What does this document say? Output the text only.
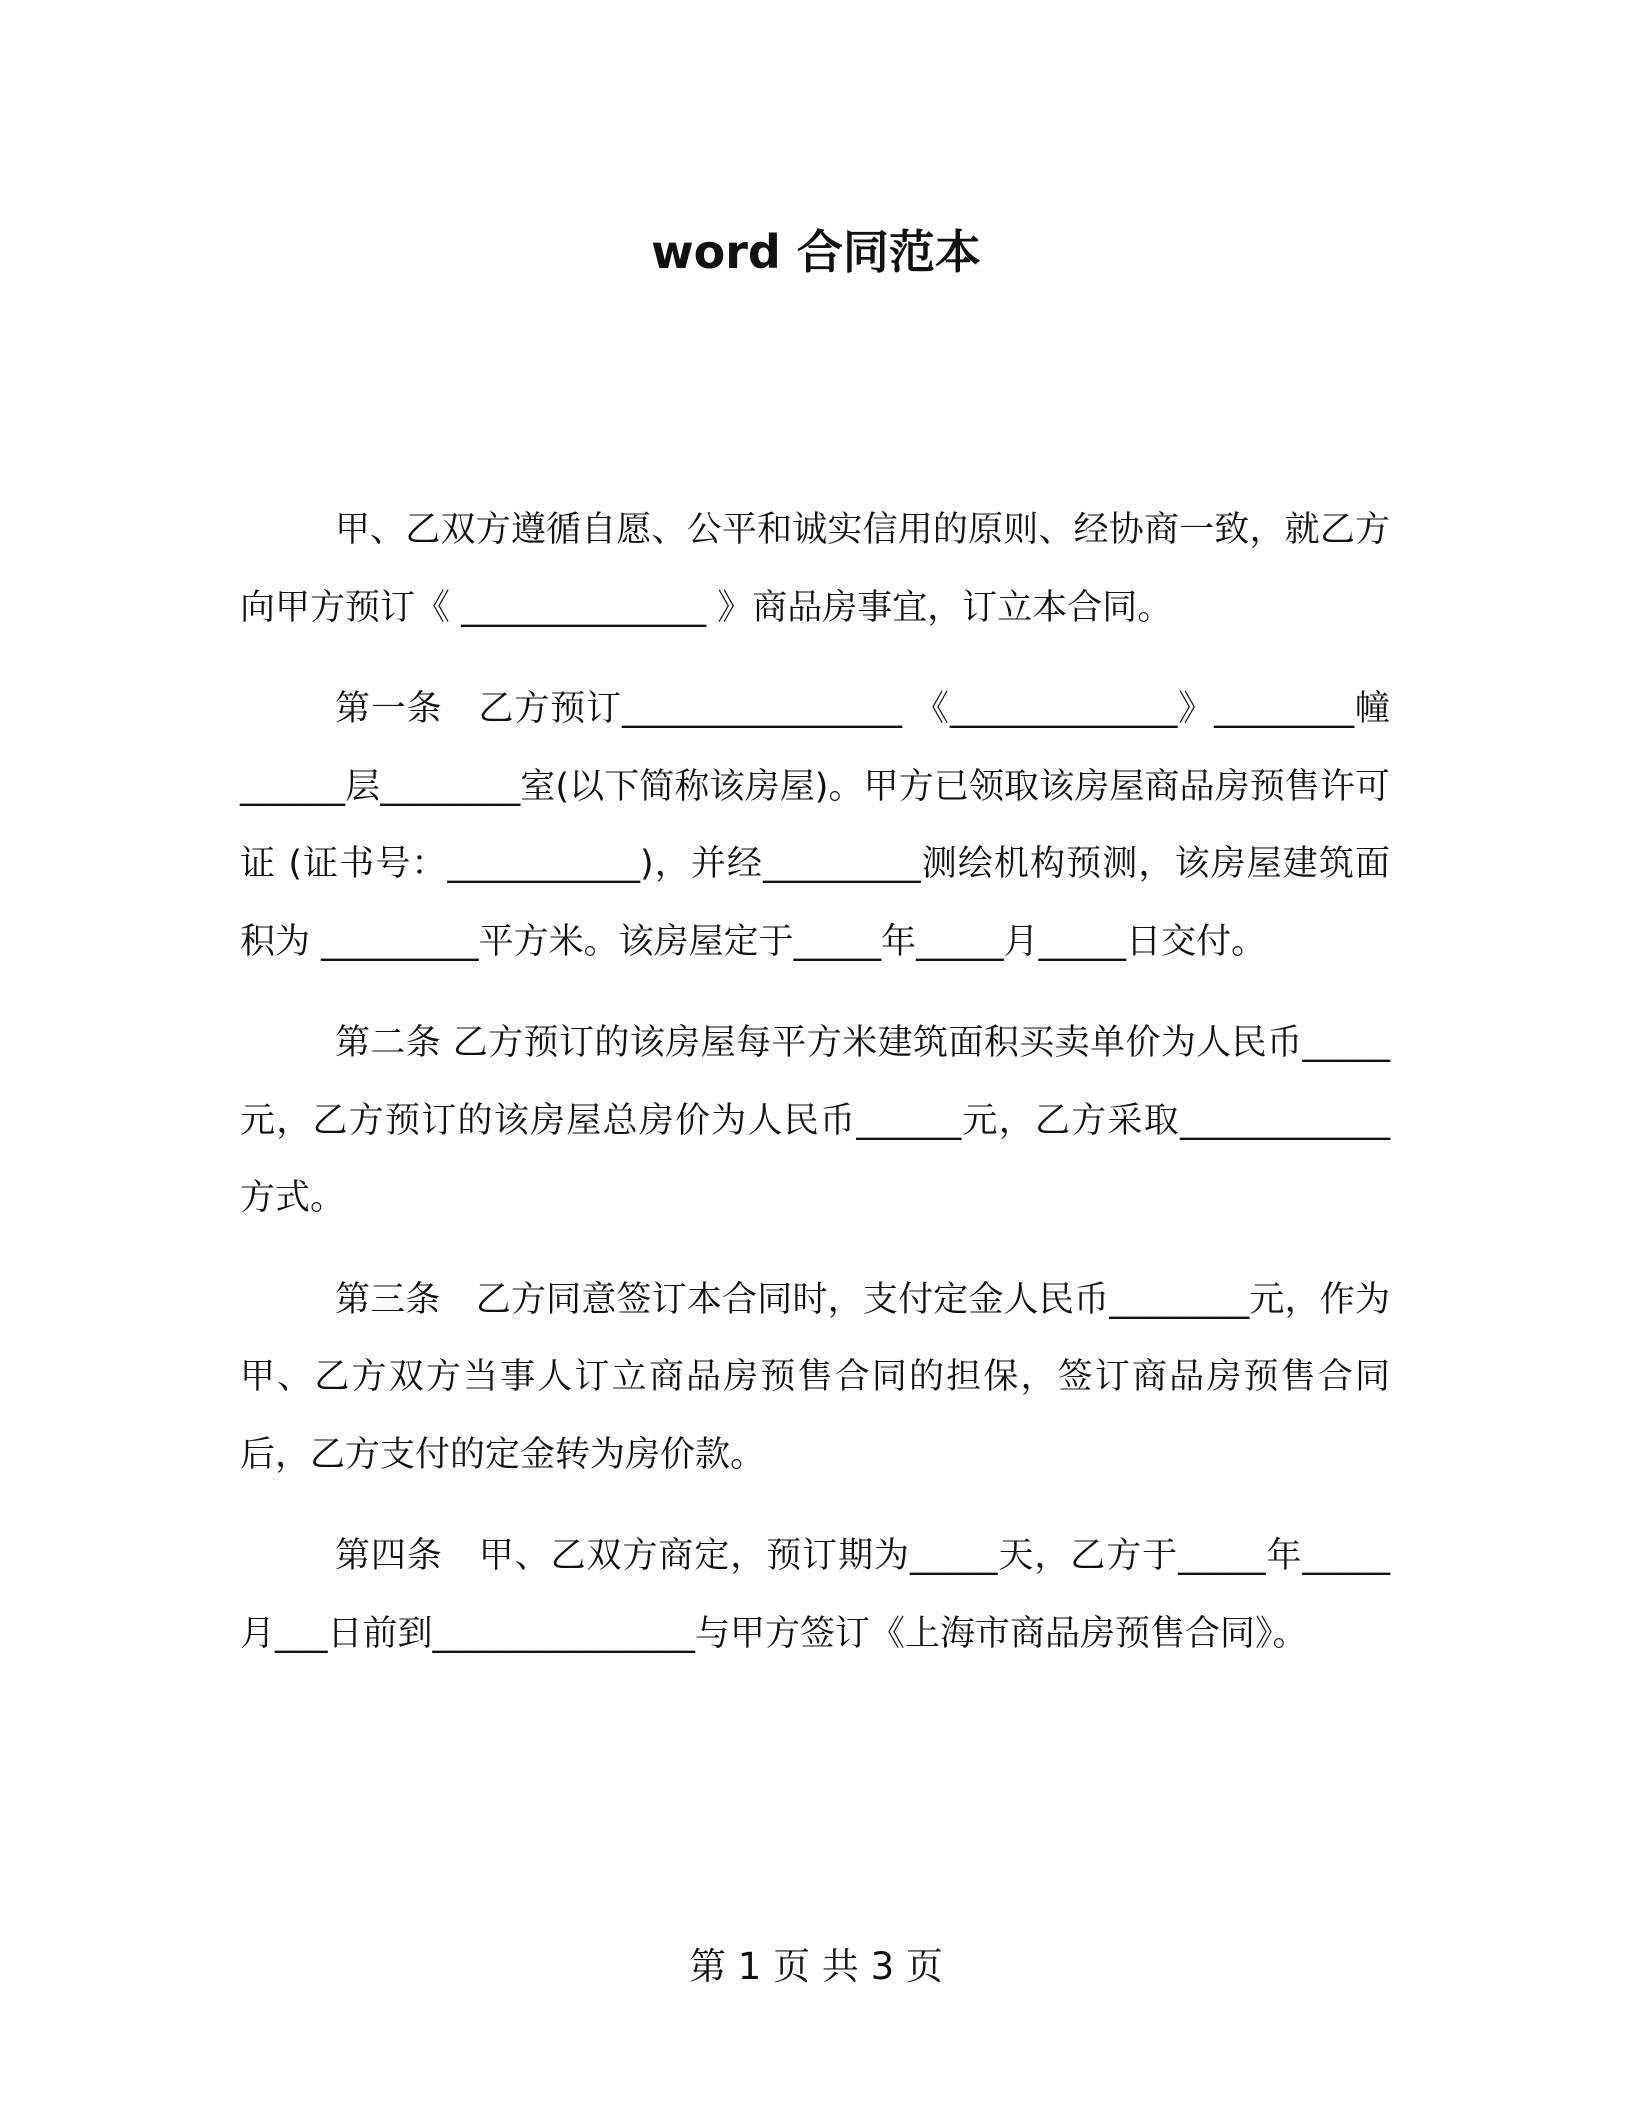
word 合同范本

甲、乙双方遵循自愿、公平和诚实信用的原则、经协商一致，就乙方向甲方预订《 ______________ 》商品房事宜，订立本合同。

第一条　乙方预订________________ 《_____________》________幢______层________室(以下简称该房屋)。甲方已领取该房屋商品房预售许可证 (证书号：___________)，并经_________测绘机构预测，该房屋建筑面积为 _________平方米。该房屋定于_____年_____月_____日交付。

第二条 乙方预订的该房屋每平方米建筑面积买卖单价为人民币_____元，乙方预订的该房屋总房价为人民币______元，乙方采取____________方式。

第三条　乙方同意签订本合同时，支付定金人民币________元，作为甲、乙方双方当事人订立商品房预售合同的担保，签订商品房预售合同后，乙方支付的定金转为房价款。

第四条　甲、乙双方商定，预订期为_____天，乙方于_____年_____月___日前到_______________与甲方签订《上海市商品房预售合同》。

第 1 页 共 3 页
